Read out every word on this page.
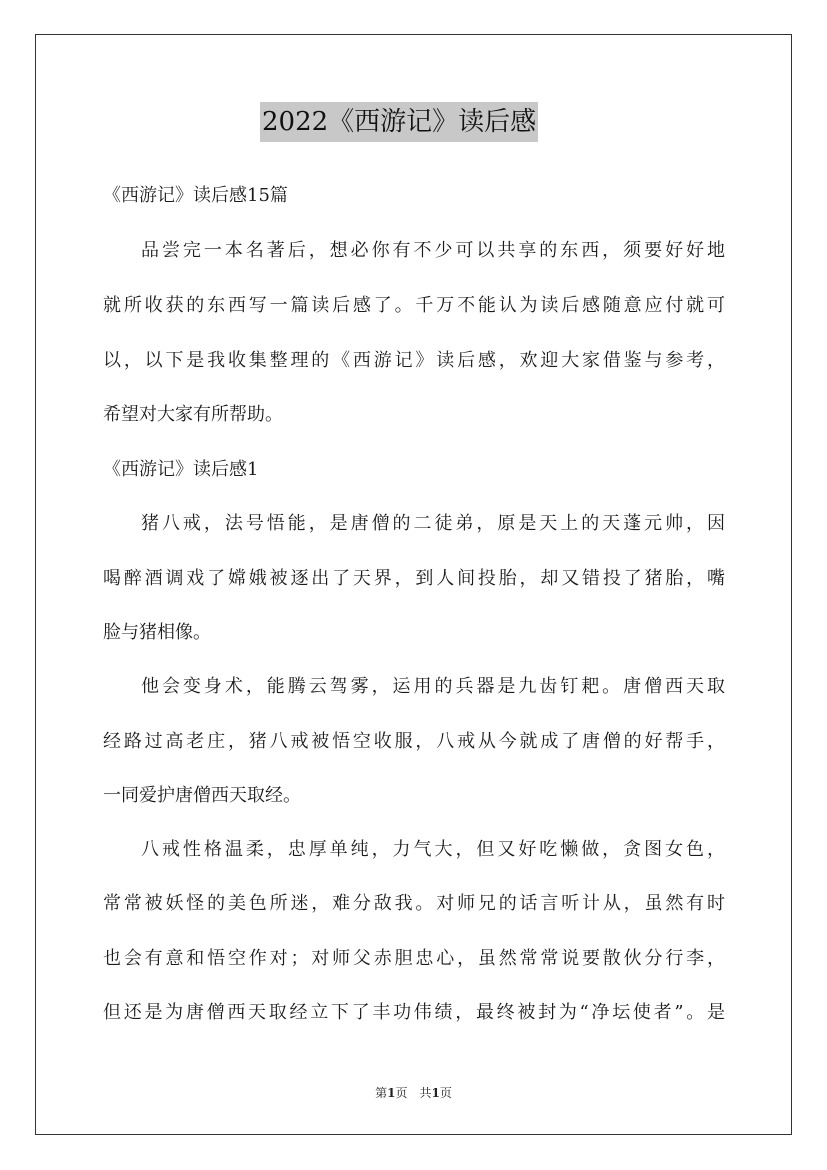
2022《西游记》读后感
《西游记》读后感15篇
品尝完一本名著后，想必你有不少可以共享的东西，须要好好地
就所收获的东西写一篇读后感了。千万不能认为读后感随意应付就可
以，以下是我收集整理的《西游记》读后感，欢迎大家借鉴与参考，
希望对大家有所帮助。
《西游记》读后感1
猪八戒，法号悟能，是唐僧的二徒弟，原是天上的天蓬元帅，因
喝醉酒调戏了嫦娥被逐出了天界，到人间投胎，却又错投了猪胎，嘴
脸与猪相像。
他会变身术，能腾云驾雾，运用的兵器是九齿钉耙。唐僧西天取
经路过高老庄，猪八戒被悟空收服，八戒从今就成了唐僧的好帮手，
一同爱护唐僧西天取经。
八戒性格温柔，忠厚单纯，力气大，但又好吃懒做，贪图女色，
常常被妖怪的美色所迷，难分敌我。对师兄的话言听计从，虽然有时
也会有意和悟空作对；对师父赤胆忠心，虽然常常说要散伙分行李，
但还是为唐僧西天取经立下了丰功伟绩，最终被封为“净坛使者”。是
第1页　共1页
